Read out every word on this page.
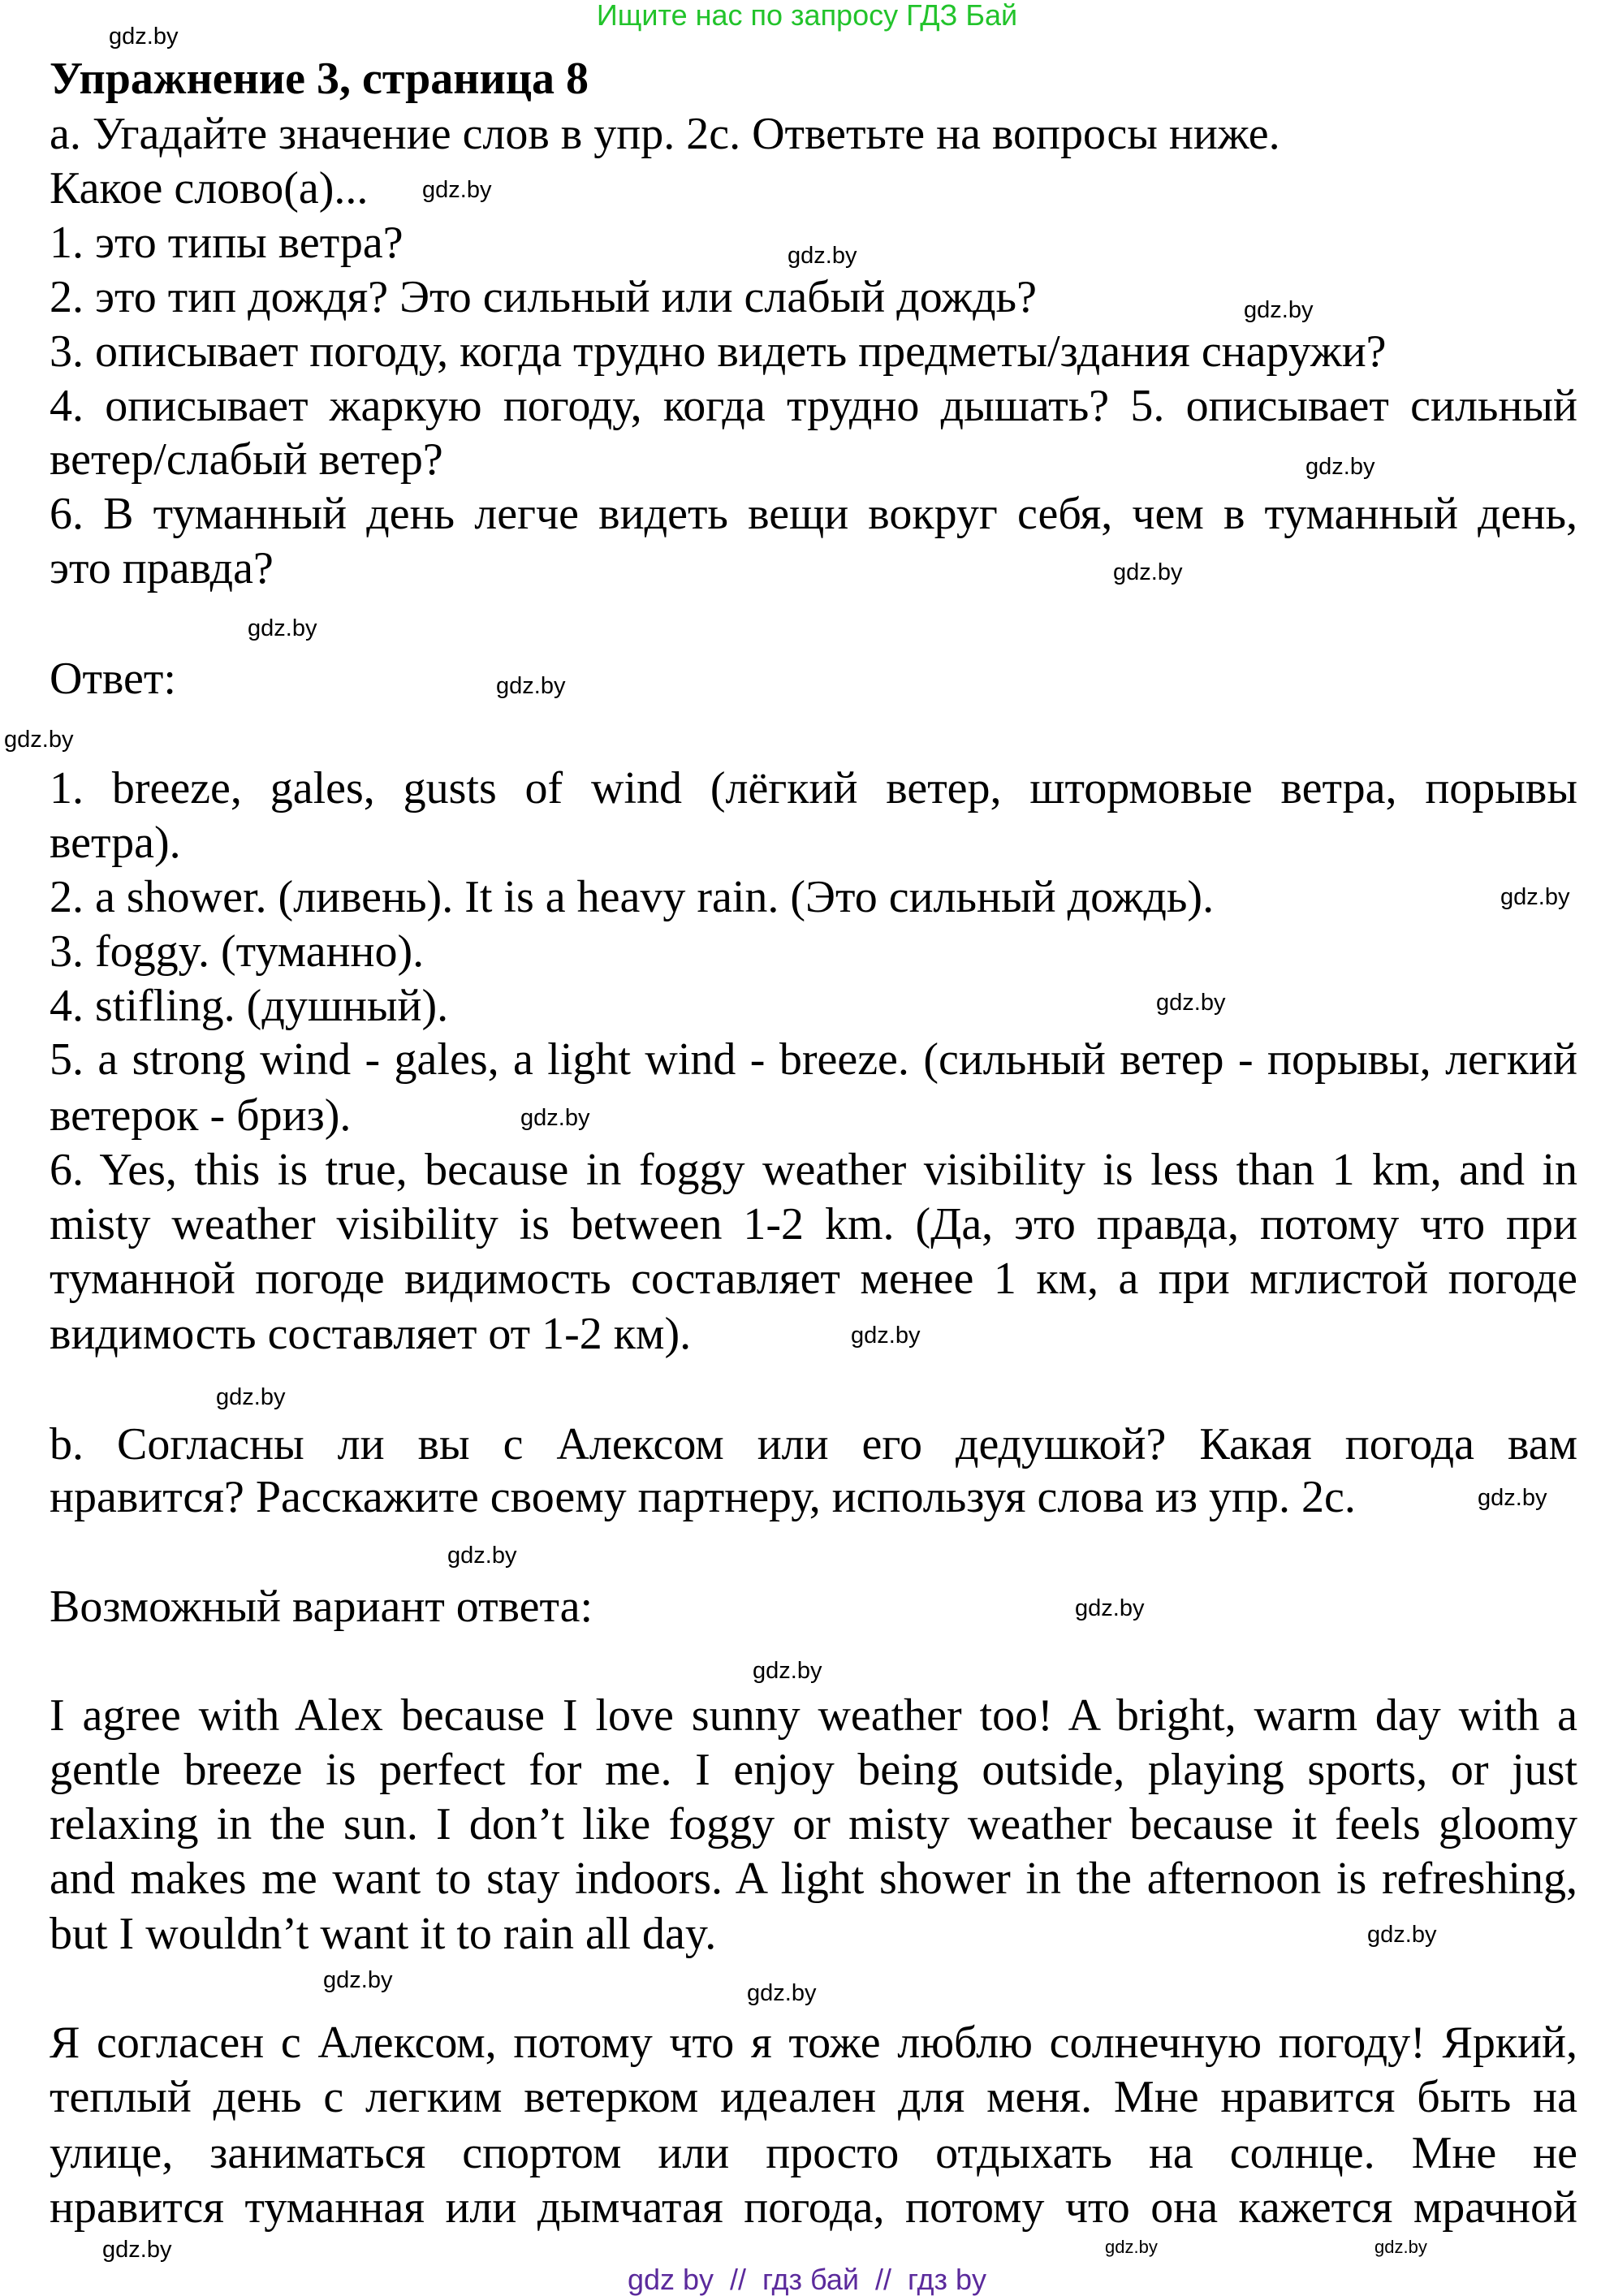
Ищите нас по запросу ГДЗ Бай
Упражнение 3, страница 8
a. Угадайте значение слов в упр. 2с. Ответьте на вопросы ниже.
Какое слово(а)...
1. это типы ветра?
2. это тип дождя? Это сильный или слабый дождь?
3. описывает погоду, когда трудно видеть предметы/здания снаружи?
4. описывает жаркую погоду, когда трудно дышать? 5. описывает сильный
ветер/слабый ветер?
6. В туманный день легче видеть вещи вокруг себя, чем в туманный день,
это правда?
Ответ:
1. breeze, gales, gusts of wind (лёгкий ветер, штормовые ветра, порывы
ветра).
2. a shower. (ливень). It is a heavy rain. (Это сильный дождь).
3. foggy. (туманно).
4. stifling. (душный).
5. a strong wind - gales, a light wind - breeze. (сильный ветер - порывы, легкий
ветерок - бриз).
6. Yes, this is true, because in foggy weather visibility is less than 1 km, and in
misty weather visibility is between 1-2 km. (Да, это правда, потому что при
туманной погоде видимость составляет менее 1 км, а при мглистой погоде
видимость составляет от 1-2 км).
b. Согласны ли вы с Алексом или его дедушкой? Какая погода вам
нравится? Расскажите своему партнеру, используя слова из упр. 2с.
Возможный вариант ответа:
I agree with Alex because I love sunny weather too! A bright, warm day with a
gentle breeze is perfect for me. I enjoy being outside, playing sports, or just
relaxing in the sun. I don’t like foggy or misty weather because it feels gloomy
and makes me want to stay indoors. A light shower in the afternoon is refreshing,
but I wouldn’t want it to rain all day.
Я согласен с Алексом, потому что я тоже люблю солнечную погоду! Яркий,
теплый день с легким ветерком идеален для меня. Мне нравится быть на
улице, заниматься спортом или просто отдыхать на солнце. Мне не
нравится туманная или дымчатая погода, потому что она кажется мрачной
gdz.by
gdz.by
gdz.by
gdz.by
gdz.by
gdz.by
gdz.by
gdz.by
gdz.by
gdz.by
gdz.by
gdz.by
gdz.by
gdz.by
gdz.by
gdz.by
gdz.by
gdz.by
gdz.by
gdz.by	gdz.by
gdz.by	gdz.by
gdz.by
gdz by  //  гдз бай  //  гдз by
